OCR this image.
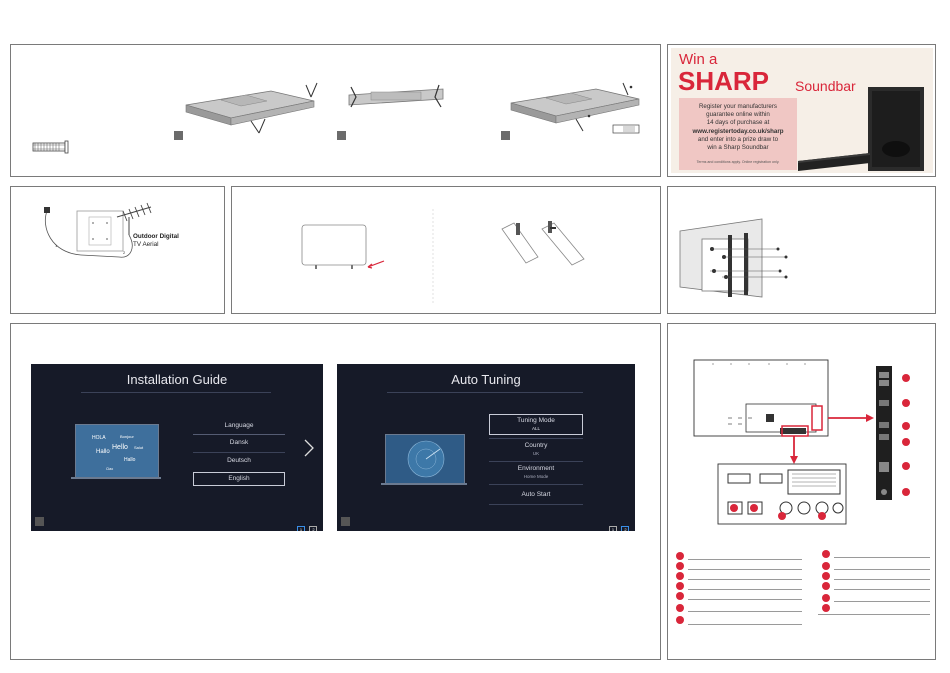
Win a
SHARP Soundbar
Register your manufacturers
guarantee online within
14 days of purchase at
www.registertoday.co.uk/sharp
and enter into a prize draw to
win a Sharp Soundbar
Terms and conditions apply. Online registration only.
1
2
Outdoor Digital
TV Aerial
Installation Guide
HOLA	Bonjour
Hallo
Hello Salut
Hallo
Ciao
Language
Dansk
Deutsch
English
1	2
Auto Tuning
Tuning Mode
ALL
Country
UK
Environment
Home Mode
Auto Start
1	2
